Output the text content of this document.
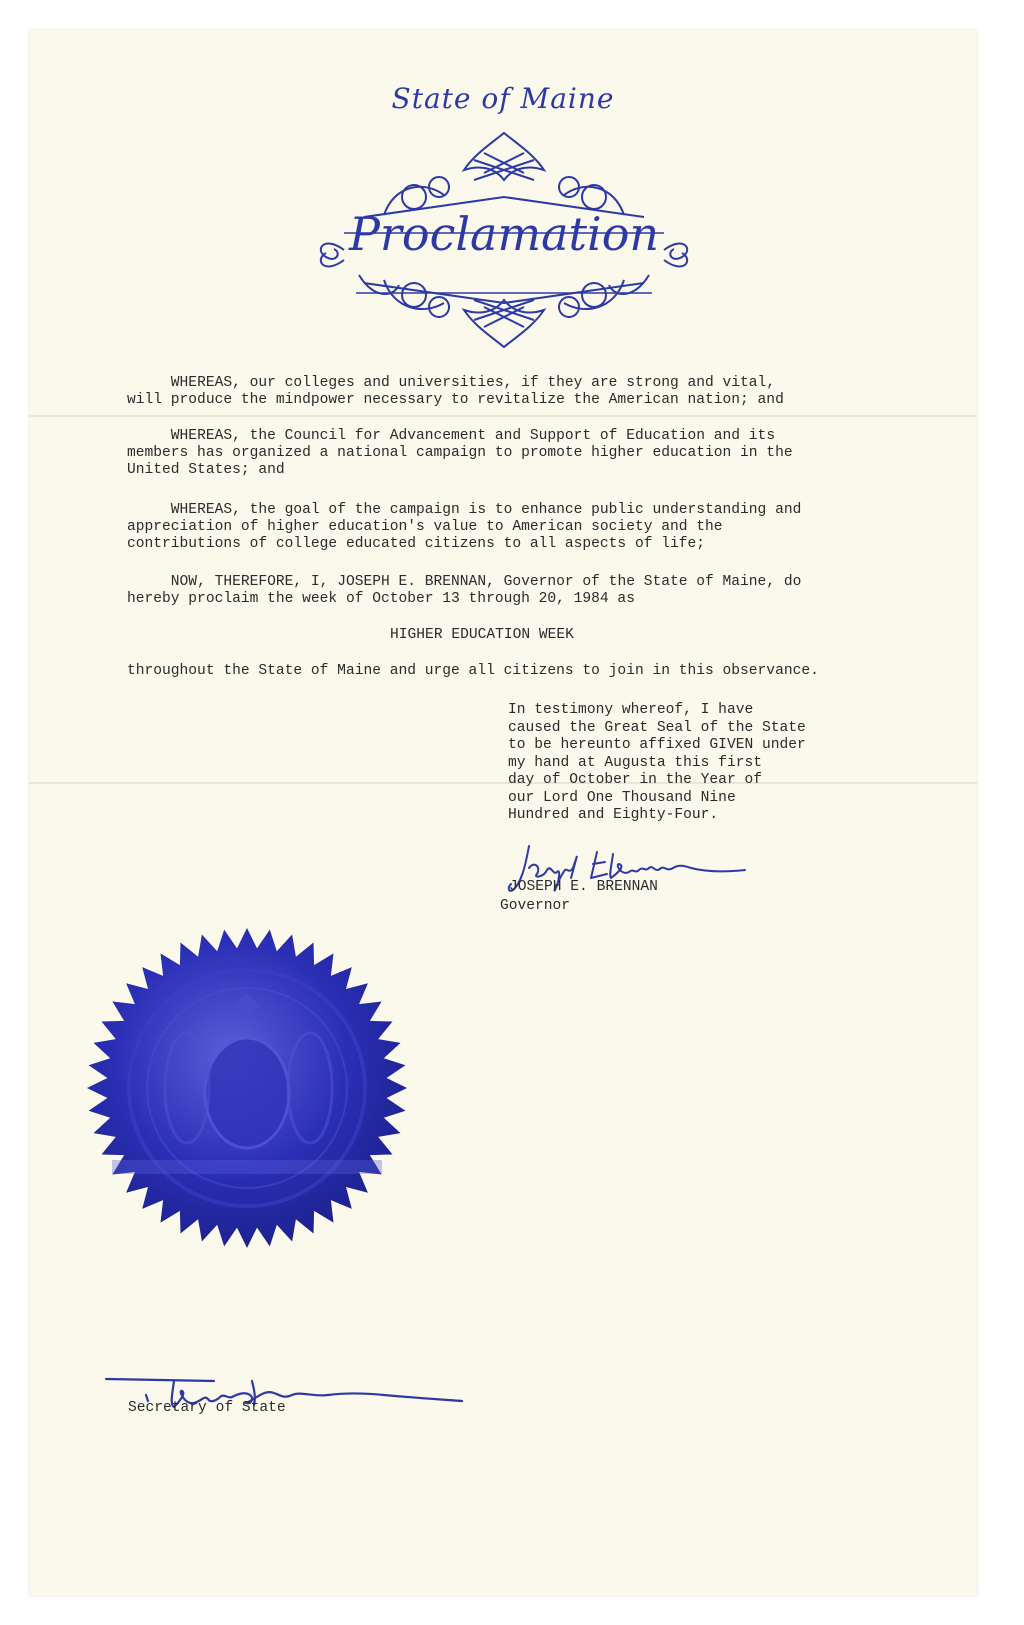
State of Maine
Proclamation

WHEREAS, our colleges and universities, if they are strong and vital,
will produce the mindpower necessary to revitalize the American nation; and

WHEREAS, the Council for Advancement and Support of Education and its
members has organized a national campaign to promote higher education in the
United States; and

WHEREAS, the goal of the campaign is to enhance public understanding and
appreciation of higher education's value to American society and the
contributions of college educated citizens to all aspects of life;

NOW, THEREFORE, I, JOSEPH E. BRENNAN, Governor of the State of Maine, do
hereby proclaim the week of October 13 through 20, 1984 as

HIGHER EDUCATION WEEK

throughout the State of Maine and urge all citizens to join in this observance.

In testimony whereof, I have
caused the Great Seal of the State
to be hereunto affixed GIVEN under
my hand at Augusta this first
day of October in the Year of
our Lord One Thousand Nine
Hundred and Eighty-Four.
JOSEPH E. BRENNAN
Governor
Secretary of State
